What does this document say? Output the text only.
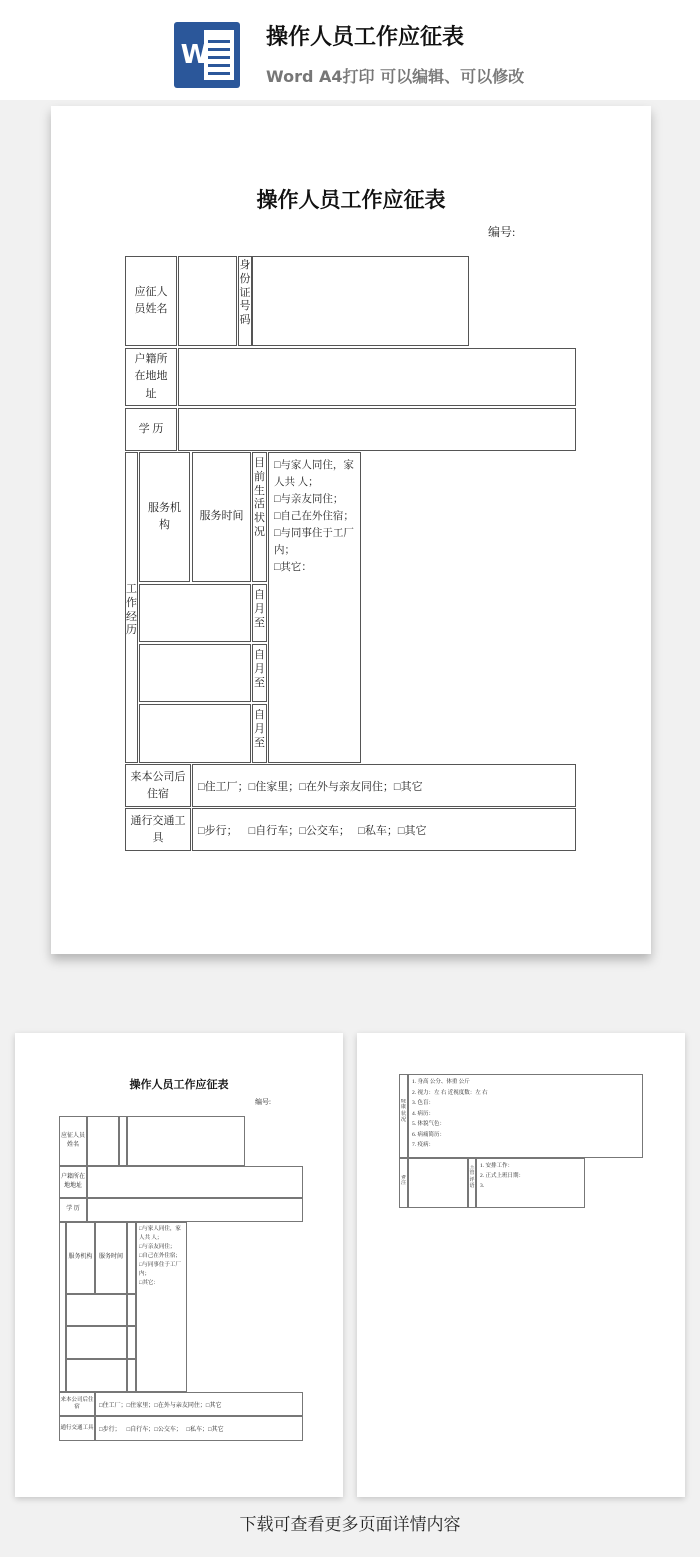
W
操作人员工作应征表
Word A4打印 可以编辑、可以修改
操作人员工作应征表
编号:
应征人员姓名
身份证号码
户籍所在地地址
学 历
工作经历
服务机构
服务时间
目前生活状况
□与家人同住，家人共 人；
□与亲友同住；
□自己在外住宿；
□与同事住于工厂内；
□其它：
自月至
自月至
自月至
来本公司后住宿
□住工厂；□住家里；□在外与亲友同住；□其它
通行交通工具
□步行；    □自行车；□公交车；   □私车；□其它
操作人员工作应征表
编号:
应征人员姓名
户籍所在地地址
学 历
服务机构	服务时间
□与家人同住，家人共 人；
□与亲友同住；
□自己在外住宿；
□与同事住于工厂内；
□其它：
来本公司后住宿	□住工厂；□住家里；□在外与亲友同住；□其它
通行交通工具 □步行；    □自行车；□公交车；   □私车；□其它
健康状况
1. 身高 公分、体重 公斤
2. 视力：左 右 近视度数：左 右
3. 色盲：
4. 病历：
5. 体貌气色：
6. 病痛简历：
7. 疫病：
备注
主管评语
1. 安排工作：
2. 正式上班日期：
3.
下载可查看更多页面详情内容
